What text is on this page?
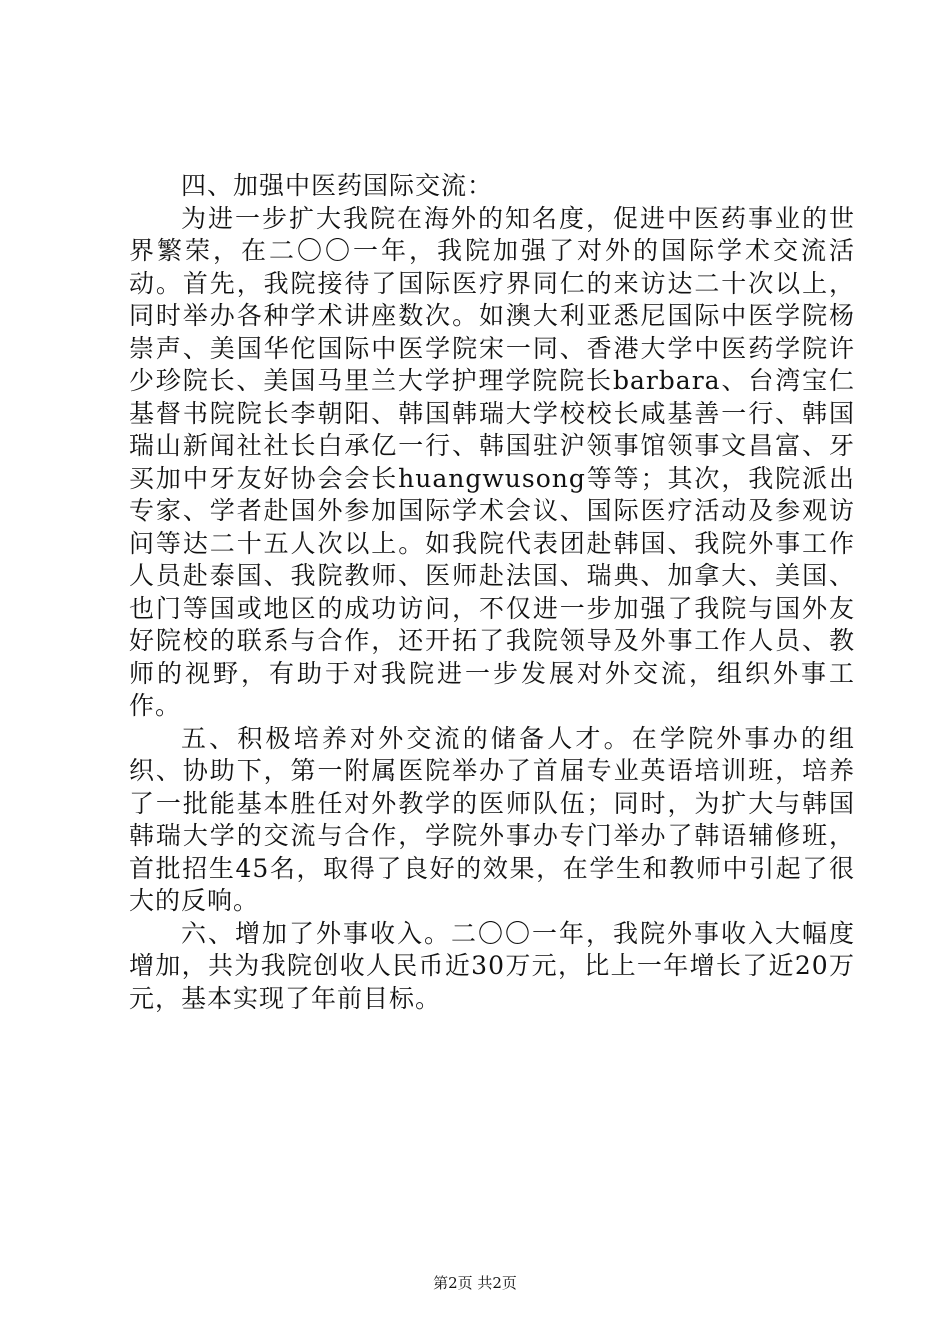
四、加强中医药国际交流：

为进一步扩大我院在海外的知名度，促进中医药事业的世界繁荣，在二〇〇一年，我院加强了对外的国际学术交流活动。首先，我院接待了国际医疗界同仁的来访达二十次以上，同时举办各种学术讲座数次。如澳大利亚悉尼国际中医学院杨崇声、美国华佗国际中医学院宋一同、香港大学中医药学院许少珍院长、美国马里兰大学护理学院院长barbara、台湾宝仁基督书院院长李朝阳、韩国韩瑞大学校校长咸基善一行、韩国瑞山新闻社社长白承亿一行、韩国驻沪领事馆领事文昌富、牙买加中牙友好协会会长huangwusong等等；其次，我院派出专家、学者赴国外参加国际学术会议、国际医疗活动及参观访问等达二十五人次以上。如我院代表团赴韩国、我院外事工作人员赴泰国、我院教师、医师赴法国、瑞典、加拿大、美国、也门等国或地区的成功访问，不仅进一步加强了我院与国外友好院校的联系与合作，还开拓了我院领导及外事工作人员、教师的视野，有助于对我院进一步发展对外交流，组织外事工作。

五、积极培养对外交流的储备人才。在学院外事办的组织、协助下，第一附属医院举办了首届专业英语培训班，培养了一批能基本胜任对外教学的医师队伍；同时，为扩大与韩国韩瑞大学的交流与合作，学院外事办专门举办了韩语辅修班，首批招生45名，取得了良好的效果，在学生和教师中引起了很大的反响。

六、增加了外事收入。二〇〇一年，我院外事收入大幅度增加，共为我院创收人民币近30万元，比上一年增长了近20万元，基本实现了年前目标。

第2页 共2页
